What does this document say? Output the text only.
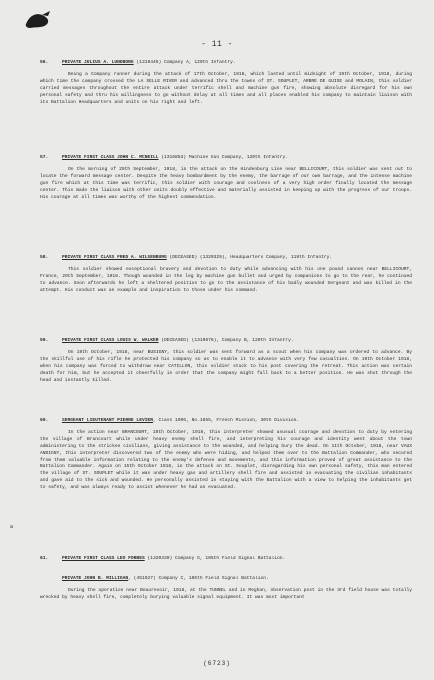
- 11 -

56.	PRIVATE JULIUS A. LUNDBORG (1319445) Company A, 120th Infantry.

Being a Company runner during the attack of 17th October, 1918, which lasted until midnight of 19th October, 1918, during which time the company crossed the LA SELLE RIVER and advanced thru the towns of ST. SOUPLET, ARBRE DE GUISE and MOLAIN, this soldier carried messages throughout the entire attack under terrific shell and machine gun fire, showing absolute disregard for his own personal safety and thru his willingness to go without delay at all times and all places enabled his company to maintain liaison with its Battalion Headquarters and units on his right and left.

57.	PRIVATE FIRST CLASS JOHN C. MCNEILL (1316853) Machine Gun Company, 120th Infantry.

On the morning of 29th September, 1918, in the attack on the Hindenburg Line near BELLICOURT, this soldier was sent out to locate the forward message center. Despite the heavy bombardment by the enemy, the barrage of our own barrage, and the intense machine gun fire which at this time was terrific, this soldier with courage and coolness of a very high order finally located the message center. This made the liaison with other units doubly effective and materially assisted in keeping up with the progress of our troops. His courage at all times was worthy of the highest commendation.

58.	PRIVATE FIRST CLASS FRED A. WILSENBURG (DECEASED) (1320329), Headquarters Company, 119th Infantry.

This soldier showed exceptional bravery and devotion to duty while advancing with his one pound cannon near BELLICOURT, France, 29th September, 1918. Though wounded in the leg by machine gun bullet and urged by companions to go to the rear, he continued to advance. Soon afterwards he left a sheltered position to go to the assistance of his badly wounded Sergeant and was killed in the attempt. His conduct was an example and inspiration to those under his command.

59.	PRIVATE FIRST CLASS LOUIS W. WALKER (DECEASED) (1319676), Company B, 120th Infantry.

On 19th October, 1918, near BUSIGNY, this soldier was sent forward as a scout when his company was ordered to advance. By the skillful use of his rifle he protected his company so as to enable it to advance with very few casualties. On 19th October 1918, when his company was forced to withdraw near CATILLON, this soldier stuck to his post covering the retreat. This action was certain death for him, but he accepted it cheerfully in order that the company might fall back to a better position. He was shot through the head and instantly killed.

60.	SERGEANT LIEUTENANT PIERRE LEVIER, Class 1906, No.1655, French Mission, 30th Division.

In the action near BRANCOURT, 10th October, 1918, this interpreter showed unusual courage and devotion to duty by entering the village of Brancourt while under heavy enemy shell fire, and interpreting his courage and identity went about the town administering to the stricken civilians, giving assistance to the wounded, and helping bury the dead. On 11th October, 1918, near VAUX ANDIGNY, this interpreter discovered two of the enemy who were hiding, and helped them over to the Battalion Commander, who secured from them valuable information relating to the enemy's defense and movements, and this information proved of great assistance to the Battalion Commander. Again on 15th October 1918, in the attack on St. Souplet, disregarding his own personal safety, this man entered the village of ST. SOUPLET while it was under heavy gas and artillery shell fire and assisted in evacuating the civilian inhabitants and gave aid to the sick and wounded. He personally assisted in staying with the Battalion with a view to helping the inhabitants get to safety, and was always ready to assist whenever he had an evacuated.

61.	PRIVATE FIRST CLASS LEO FORBES (1320330) Company G, 105th Field Signal Battalion.

PRIVATE JOHN B. MILLIGAN, (451927) Company C, 105th Field Signal Battalion.

During the operation near Beaurevoir, 1918, at the TUNNEL and in Meghan, observation post in the 3rd field house was totally wrecked by heavy shell fire, completely burying valuable signal equipment. It was most important

a
(6723)
